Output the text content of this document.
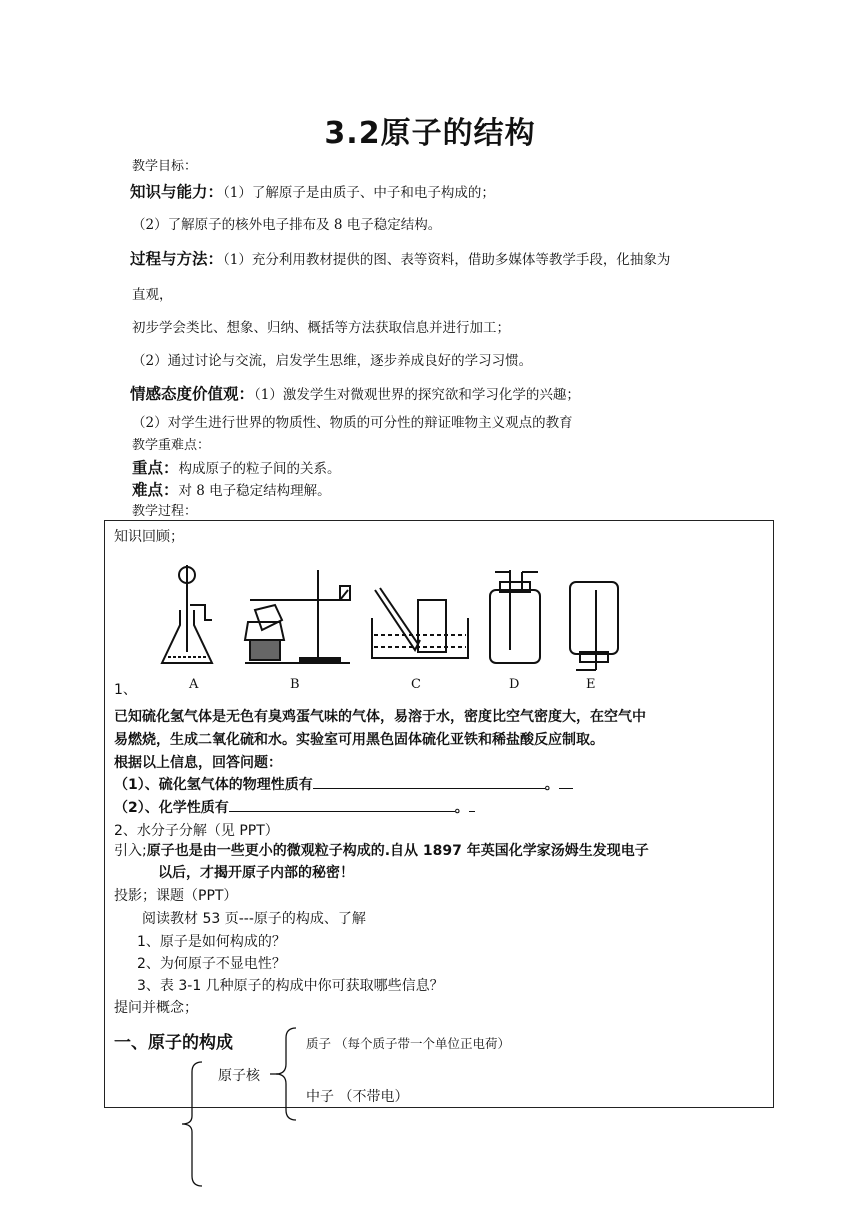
3.2原子的结构
教学目标：
知识与能力：（1）了解原子是由质子、中子和电子构成的；
（2）了解原子的核外电子排布及 8 电子稳定结构。
过程与方法：（1）充分利用教材提供的图、表等资料，借助多媒体等教学手段，化抽象为
直观，
初步学会类比、想象、归纳、概括等方法获取信息并进行加工；
（2）通过讨论与交流，启发学生思维，逐步养成良好的学习习惯。
情感态度价值观：（1）激发学生对微观世界的探究欲和学习化学的兴趣；
（2）对学生进行世界的物质性、物质的可分性的辩证唯物主义观点的教育
教学重难点：
重点：构成原子的粒子间的关系。
难点：对 8 电子稳定结构理解。
教学过程：
知识回顾；
A	B	C	D	E
1、
已知硫化氢气体是无色有臭鸡蛋气味的气体，易溶于水，密度比空气密度大，在空气中
易燃烧，生成二氧化硫和水。实验室可用黑色固体硫化亚铁和稀盐酸反应制取。
根据以上信息，回答问题：
（1）、硫化氢气体的物理性质有	。
（2）、化学性质有	。
2、水分子分解（见 PPT）
引入;原子也是由一些更小的微观粒子构成的.自从 1897 年英国化学家汤姆生发现电子
以后，才揭开原子内部的秘密！
投影；课题（PPT）
阅读教材 53 页---原子的构成、了解
1、原子是如何构成的？
2、为何原子不显电性？
3、表 3-1 几种原子的构成中你可获取哪些信息？
提问并概念；
一、原子的构成	质子 （每个质子带一个单位正电荷）
原子核
中子 （不带电）
